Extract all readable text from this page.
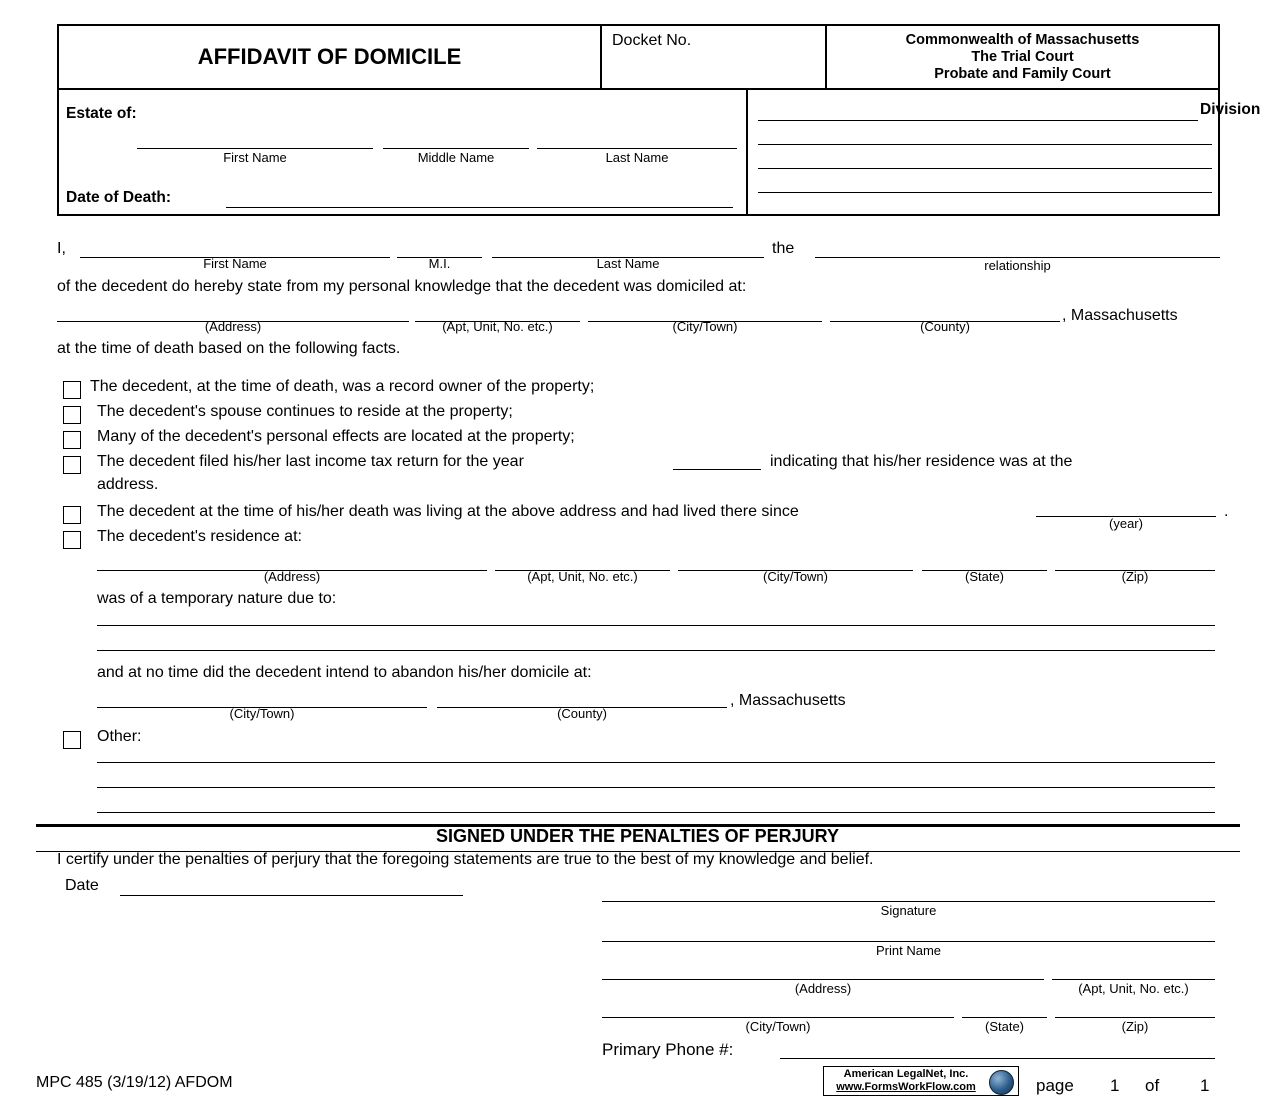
AFFIDAVIT OF DOMICILE
Docket No.	Commonwealth of Massachusetts
The Trial Court
Probate and Family Court
Estate of:
First Name	Middle Name	Last Name
Date of Death:
Division
I,
First Name	M.I.	Last Name
the
relationship
of the decedent do hereby state from my personal knowledge that the decedent was domiciled at:
(Address)	(Apt, Unit, No. etc.)	(City/Town)	(County)
, Massachusetts
at the time of death based on the following facts.
The decedent, at the time of death, was a record owner of the property;
The decedent's spouse continues to reside at the property;
Many of the decedent's personal effects are located at the property;
The decedent filed his/her last income tax return for the year	indicating that his/her residence was at the
address.
The decedent at the time of his/her death was living at the above address and had lived there since
(year)
.
The decedent's residence at:
(Address)	(Apt, Unit, No. etc.)	(City/Town)	(State)	(Zip)
was of a temporary nature due to:
and at no time did the decedent intend to abandon his/her domicile at:
(City/Town)	(County)
, Massachusetts
Other:
SIGNED UNDER THE PENALTIES OF PERJURY
I certify under the penalties of perjury that the foregoing statements are true to the best of my knowledge and belief.
Date
Signature
Print Name
(Address)	(Apt, Unit, No. etc.)
(City/Town)	(State)	(Zip)
Primary Phone #:
MPC 485 (3/19/12) AFDOM	American LegalNet, Inc.
www.FormsWorkFlow.com	page 1 of 1
